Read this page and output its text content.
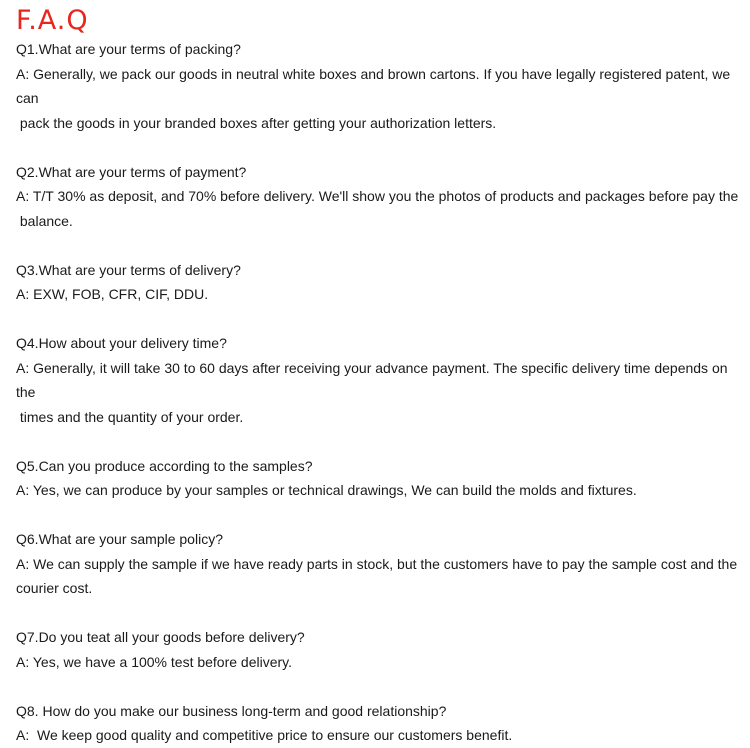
F.A.Q

Q1.What are your terms of packing?

A: Generally, we pack our goods in neutral white boxes and brown cartons. If you have legally registered patent, we can

pack the goods in your branded boxes after getting your authorization letters.

Q2.What are your terms of payment?

A: T/T 30% as deposit, and 70% before delivery. We'll show you the photos of products and packages before pay the

balance.

Q3.What are your terms of delivery?

A: EXW, FOB, CFR, CIF, DDU.

Q4.How about your delivery time?

A: Generally, it will take 30 to 60 days after receiving your advance payment. The specific delivery time depends on the

times and the quantity of your order.

Q5.Can you produce according to the samples?

A: Yes, we can produce by your samples or technical drawings, We can build the molds and fixtures.

Q6.What are your sample policy?

A: We can supply the sample if we have ready parts in stock, but the customers have to pay the sample cost and the

courier cost.

Q7.Do you teat all your goods before delivery?

A: Yes, we have a 100% test before delivery.

Q8. How do you make our business long-term and good relationship?

A:  We keep good quality and competitive price to ensure our customers benefit.
